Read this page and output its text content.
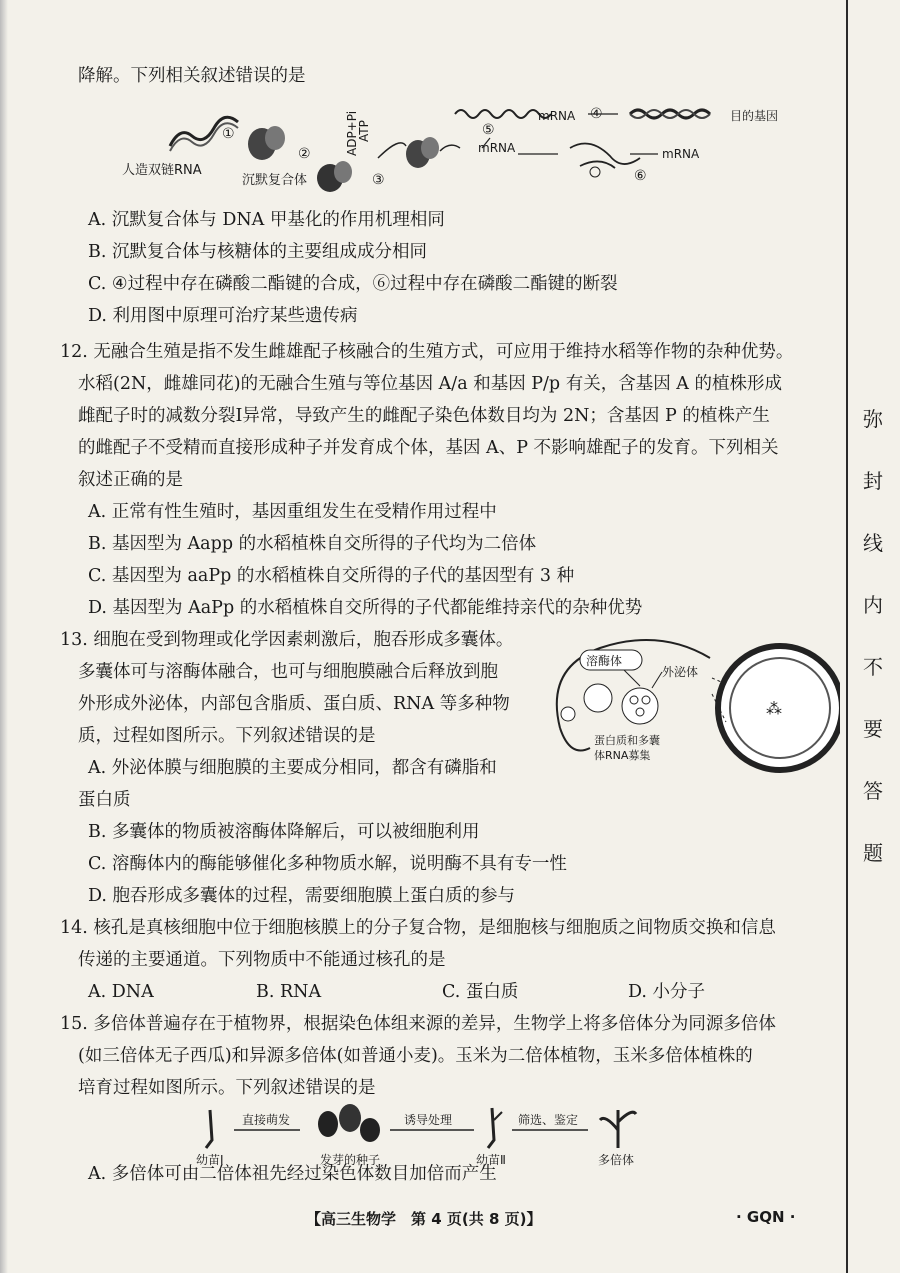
弥
封
线
内
不
要
答
题
降解。下列相关叙述错误的是
人造双链RNA
①
沉默复合体
②
ATP
ADP+Pi
③
mRNA ④	目的基因
⑤
mRNA
⑥
mRNA
A. 沉默复合体与 DNA 甲基化的作用机理相同
B. 沉默复合体与核糖体的主要组成成分相同
C. ④过程中存在磷酸二酯键的合成，⑥过程中存在磷酸二酯键的断裂
D. 利用图中原理可治疗某些遗传病
12. 无融合生殖是指不发生雌雄配子核融合的生殖方式，可应用于维持水稻等作物的杂种优势。
水稻(2N，雌雄同花)的无融合生殖与等位基因 A/a 和基因 P/p 有关，含基因 A 的植株形成
雌配子时的减数分裂Ⅰ异常，导致产生的雌配子染色体数目均为 2N；含基因 P 的植株产生
的雌配子不受精而直接形成种子并发育成个体，基因 A、P 不影响雄配子的发育。下列相关
叙述正确的是
A. 正常有性生殖时，基因重组发生在受精作用过程中
B. 基因型为 Aapp 的水稻植株自交所得的子代均为二倍体
C. 基因型为 aaPp 的水稻植株自交所得的子代的基因型有 3 种
D. 基因型为 AaPp 的水稻植株自交所得的子代都能维持亲代的杂种优势
13. 细胞在受到物理或化学因素刺激后，胞吞形成多囊体。
多囊体可与溶酶体融合，也可与细胞膜融合后释放到胞
外形成外泌体，内部包含脂质、蛋白质、RNA 等多种物
质，过程如图所示。下列叙述错误的是
A. 外泌体膜与细胞膜的主要成分相同，都含有磷脂和
蛋白质
B. 多囊体的物质被溶酶体降解后，可以被细胞利用
C. 溶酶体内的酶能够催化多种物质水解，说明酶不具有专一性
D. 胞吞形成多囊体的过程，需要细胞膜上蛋白质的参与
溶酶体
外泌体
蛋白质和多囊
体RNA募集
⁂
14. 核孔是真核细胞中位于细胞核膜上的分子复合物，是细胞核与细胞质之间物质交换和信息
传递的主要通道。下列物质中不能通过核孔的是
A. DNA	B. RNA	C. 蛋白质	D. 小分子
15. 多倍体普遍存在于植物界，根据染色体组来源的差异，生物学上将多倍体分为同源多倍体
(如三倍体无子西瓜)和异源多倍体(如普通小麦)。玉米为二倍体植物，玉米多倍体植株的
培育过程如图所示。下列叙述错误的是
幼苗Ⅰ
直接萌发
发芽的种子
诱导处理
幼苗Ⅱ
筛选、鉴定
多倍体
A. 多倍体可由二倍体祖先经过染色体数目加倍而产生
【高三生物学　第 4 页(共 8 页)】	· GQN ·
